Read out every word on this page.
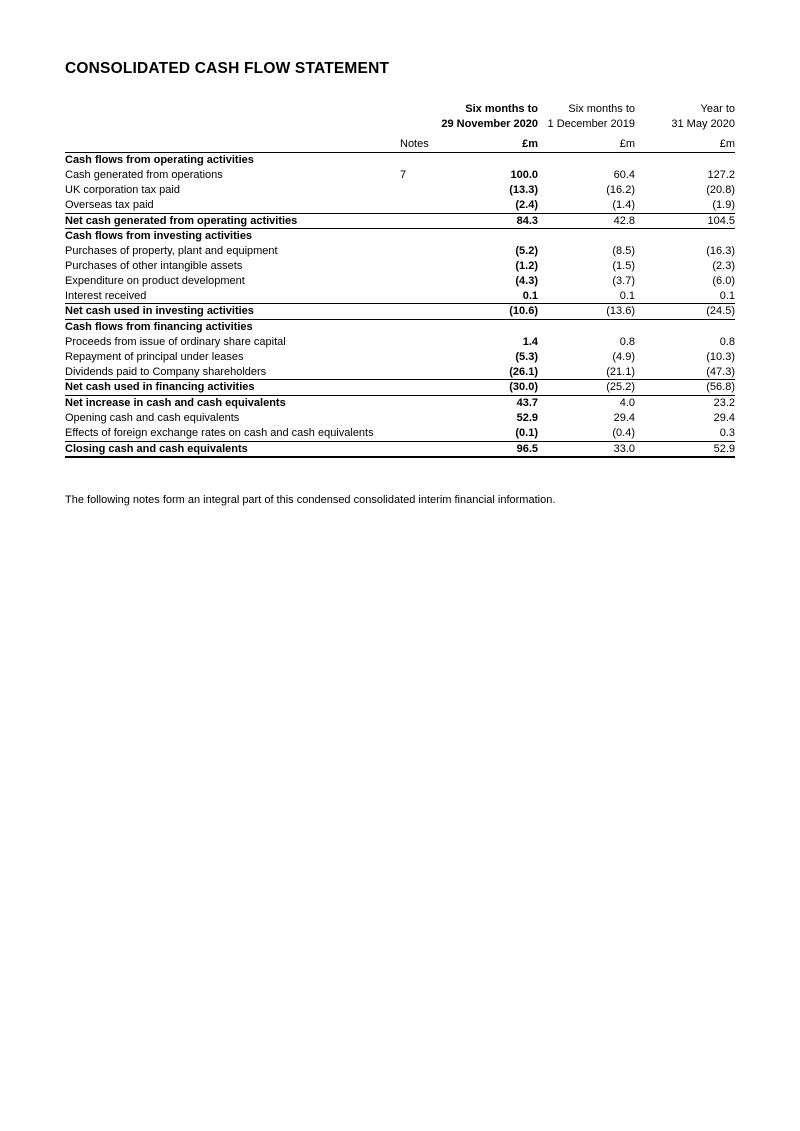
CONSOLIDATED CASH FLOW STATEMENT
		Six months to	Six months to	Year to
		29 November 2020	1 December 2019	31 May 2020
	Notes	£m	£m	£m
Cash flows from operating activities				
Cash generated from operations	7	100.0	60.4	127.2
UK corporation tax paid		(13.3)	(16.2)	(20.8)
Overseas tax paid		(2.4)	(1.4)	(1.9)
Net cash generated from operating activities		84.3	42.8	104.5
Cash flows from investing activities				
Purchases of property, plant and equipment		(5.2)	(8.5)	(16.3)
Purchases of other intangible assets		(1.2)	(1.5)	(2.3)
Expenditure on product development		(4.3)	(3.7)	(6.0)
Interest received		0.1	0.1	0.1
Net cash used in investing activities		(10.6)	(13.6)	(24.5)
Cash flows from financing activities				
Proceeds from issue of ordinary share capital		1.4	0.8	0.8
Repayment of principal under leases		(5.3)	(4.9)	(10.3)
Dividends paid to Company shareholders		(26.1)	(21.1)	(47.3)
Net cash used in financing activities		(30.0)	(25.2)	(56.8)
Net increase in cash and cash equivalents		43.7	4.0	23.2
Opening cash and cash equivalents		52.9	29.4	29.4
Effects of foreign exchange rates on cash and cash equivalents		(0.1)	(0.4)	0.3
Closing cash and cash equivalents		96.5	33.0	52.9

The following notes form an integral part of this condensed consolidated interim financial information.
